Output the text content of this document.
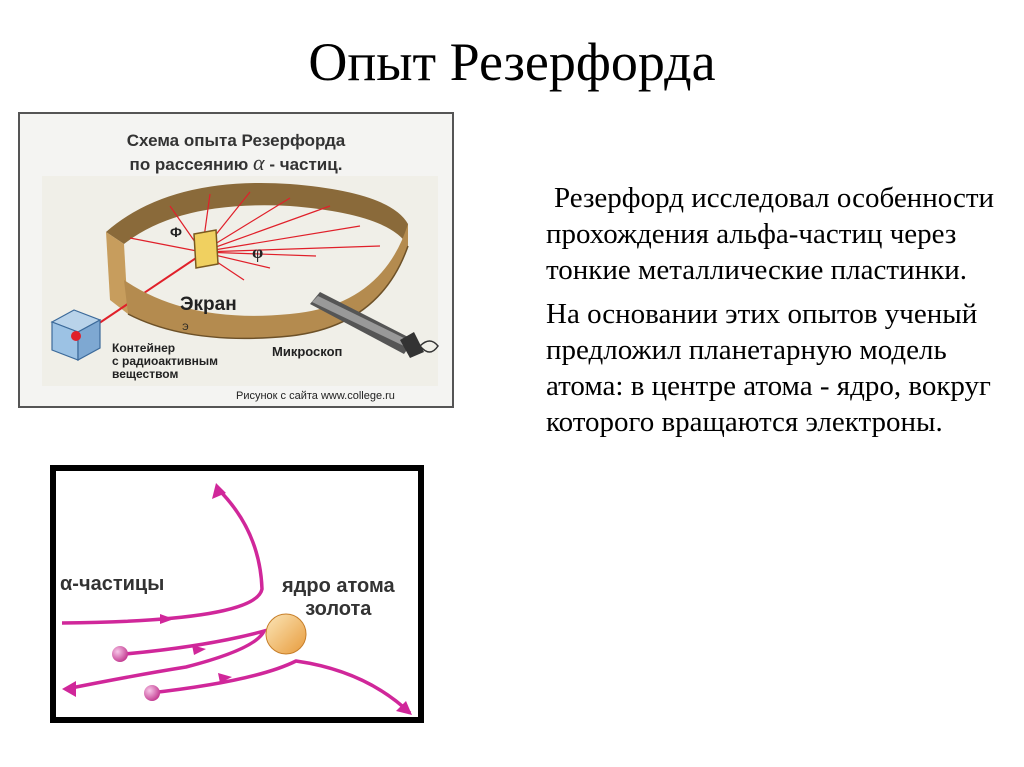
Опыт Резерфорда
Схема опыта Резерфорда
по рассеянию α - частиц.
Ф
φ
Экран
Э
Контейнер
с радиоактивным
веществом
Микроскоп
Рисунок с сайта www.college.ru
α-частицы	ядро атома
золота

Резерфорд исследовал особенности прохождения альфа-частиц через тонкие металлические пластинки.

На основании этих опытов ученый предложил планетарную модель атома: в центре атома - ядро, вокруг которого вращаются электроны.
